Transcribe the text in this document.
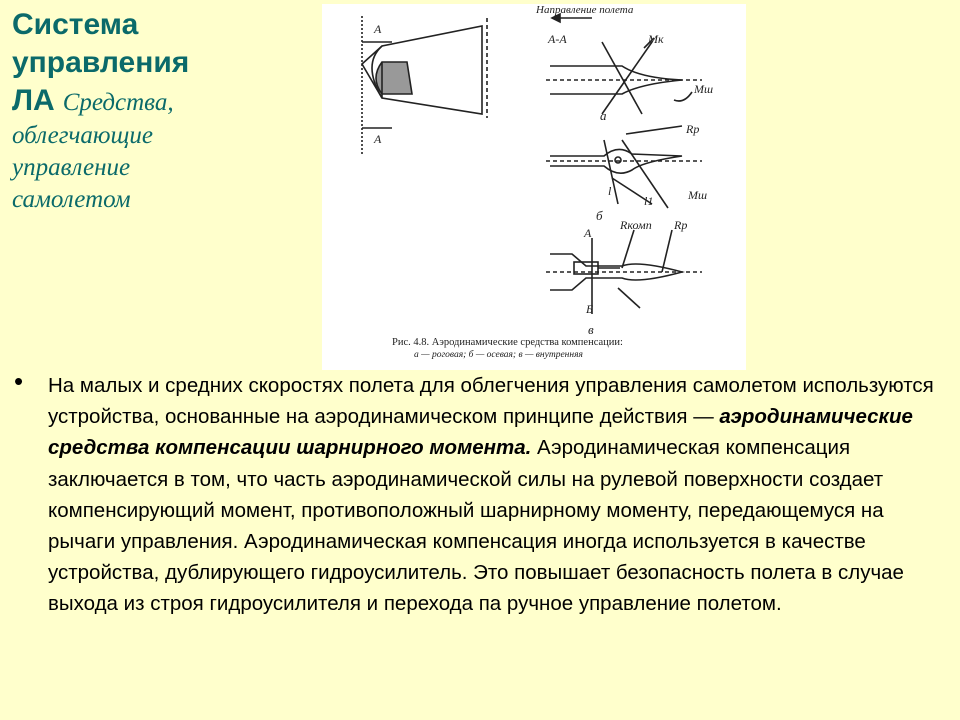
Система
управления
ЛА Средства,
облегчающие
управление
самолетом
А
А
Направление полета
А-А	Мк
Мш
а
Rр
l
l1	Мш
б
А
Rкомп Rр
Б
в
Рис. 4.8. Аэродинамические средства компенсации:
а — роговая; б — осевая; в — внутренняя
• На малых и средних скоростях полета для облегчения управления самолетом используются устройства, основанные на аэродинамическом принципе действия — аэродинамические средства компенсации шарнирного момента. Аэродинамическая компенсация заключается в том, что часть аэродинамической силы на рулевой поверхности создает компенсирующий момент, противоположный шарнирному моменту, передающемуся на рычаги управления. Аэродинамическая компенсация иногда используется в качестве устройства, дублирующего гидроусилитель. Это повышает безопасность полета в случае выхода из строя гидроусилителя и перехода па ручное управление полетом.
